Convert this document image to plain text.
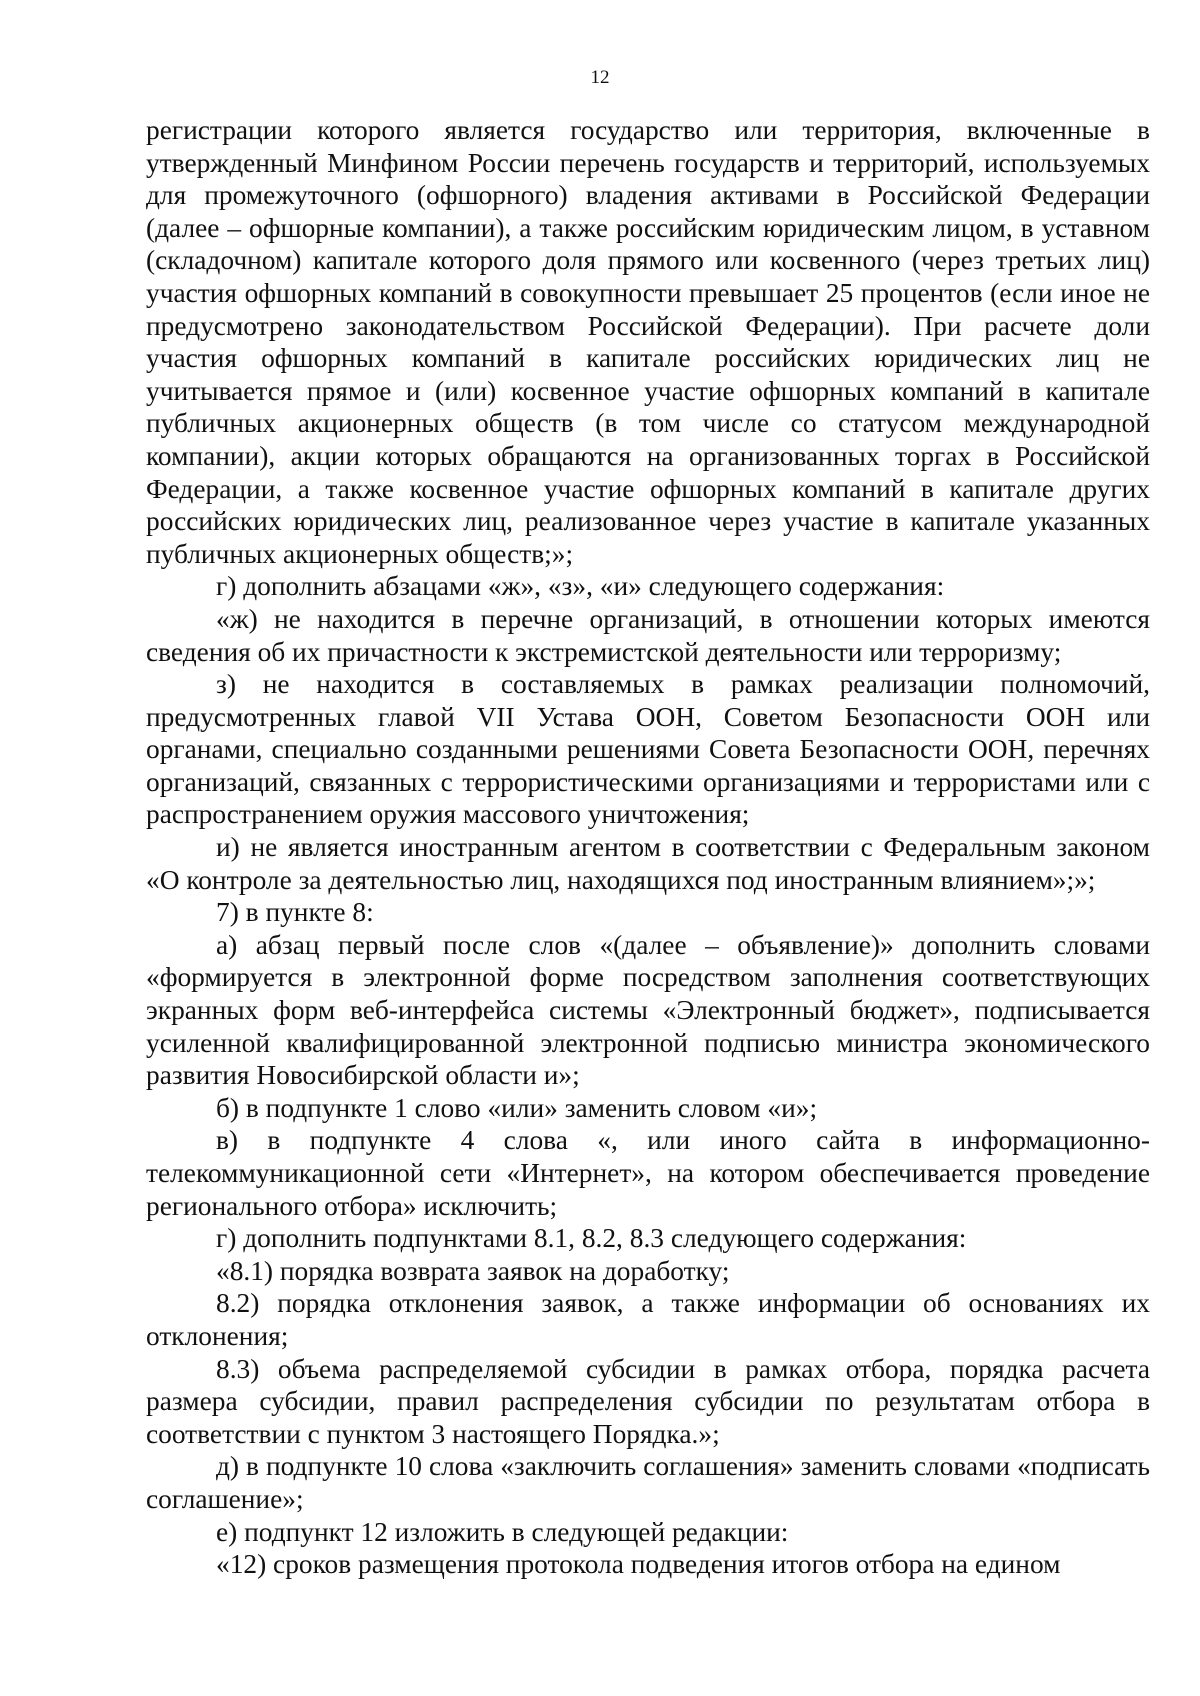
12

регистрации которого является государство или территория, включенные в утвержденный Минфином России перечень государств и территорий, используемых для промежуточного (офшорного) владения активами в Российской Федерации (далее – офшорные компании), а также российским юридическим лицом, в уставном (складочном) капитале которого доля прямого или косвенного (через третьих лиц) участия офшорных компаний в совокупности превышает 25 процентов (если иное не предусмотрено законодательством Российской Федерации). При расчете доли участия офшорных компаний в капитале российских юридических лиц не учитывается прямое и (или) косвенное участие офшорных компаний в капитале публичных акционерных обществ (в том числе со статусом международной компании), акции которых обращаются на организованных торгах в Российской Федерации, а также косвенное участие офшорных компаний в капитале других российских юридических лиц, реализованное через участие в капитале указанных публичных акционерных обществ;»;

г) дополнить абзацами «ж», «з», «и» следующего содержания:

«ж) не находится в перечне организаций, в отношении которых имеются сведения об их причастности к экстремистской деятельности или терроризму;

з) не находится в составляемых в рамках реализации полномочий, предусмотренных главой VII Устава ООН, Советом Безопасности ООН или органами, специально созданными решениями Совета Безопасности ООН, перечнях организаций, связанных с террористическими организациями и террористами или с распространением оружия массового уничтожения;

и) не является иностранным агентом в соответствии с Федеральным законом «О контроле за деятельностью лиц, находящихся под иностранным влиянием»;»;

7) в пункте 8:

а) абзац первый после слов «(далее – объявление)» дополнить словами «формируется в электронной форме посредством заполнения соответствующих экранных форм веб-интерфейса системы «Электронный бюджет», подписывается усиленной квалифицированной электронной подписью министра экономического развития Новосибирской области и»;

б) в подпункте 1 слово «или» заменить словом «и»;

в) в подпункте 4 слова «, или иного сайта в информационно-телекоммуникационной сети «Интернет», на котором обеспечивается проведение регионального отбора» исключить;

г) дополнить подпунктами 8.1, 8.2, 8.3 следующего содержания:

«8.1) порядка возврата заявок на доработку;

8.2) порядка отклонения заявок, а также информации об основаниях их отклонения;

8.3) объема распределяемой субсидии в рамках отбора, порядка расчета размера субсидии, правил распределения субсидии по результатам отбора в соответствии с пунктом 3 настоящего Порядка.»;

д) в подпункте 10 слова «заключить соглашения» заменить словами «подписать соглашение»;

е) подпункт 12 изложить в следующей редакции:

«12) сроков размещения протокола подведения итогов отбора на едином
